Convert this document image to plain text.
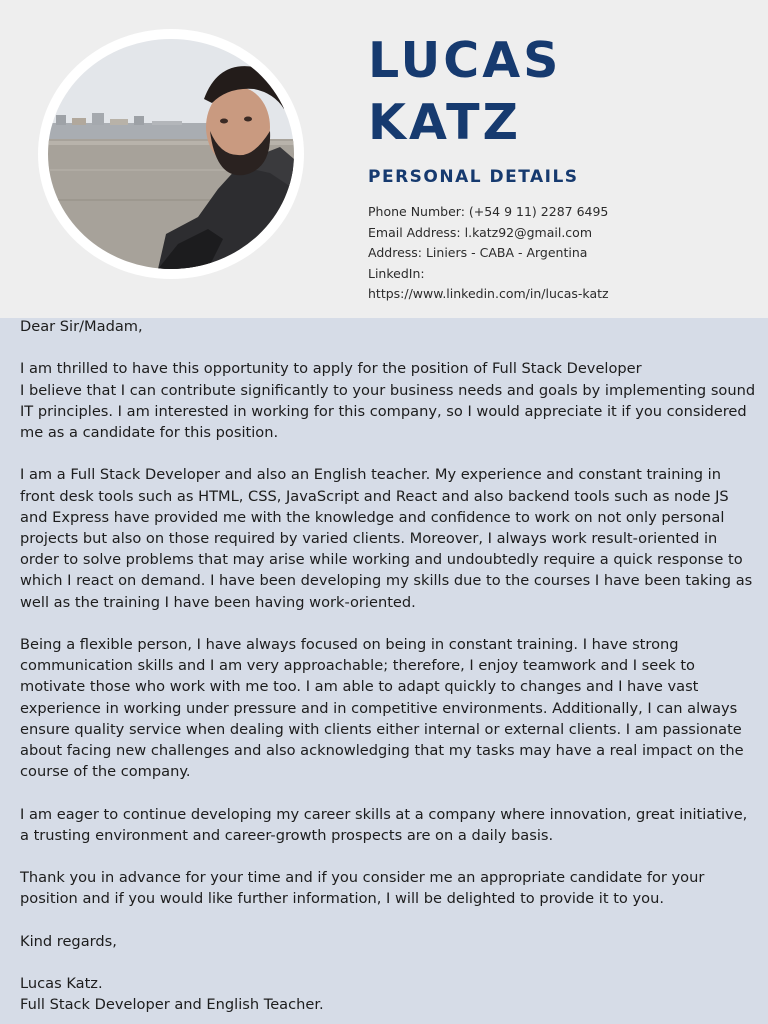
LUCAS
KATZ
PERSONAL DETAILS
Phone Number: (+54 9 11) 2287 6495
Email Address: l.katz92@gmail.com
Address: Liniers - CABA - Argentina
LinkedIn:
https://www.linkedin.com/in/lucas-katz

Dear Sir/Madam,

I am thrilled to have this opportunity to apply for the position of Full Stack Developer
I believe that I can contribute significantly to your business needs and goals by implementing sound IT principles. I am interested in working for this company, so I would appreciate it if you considered me as a candidate for this position.

I am a Full Stack Developer and also an English teacher. My experience and constant training in front desk tools such as HTML, CSS, JavaScript and React and also backend tools such as node JS and Express have provided me with the knowledge and confidence to work on not only personal projects but also on those required by varied clients. Moreover, I always work result-oriented in order to solve problems that may arise while working and undoubtedly require a quick response to which I react on demand. I have been developing my skills due to the courses I have been taking as well as the training I have been having work-oriented.

Being a flexible person, I have always focused on being in constant training. I have strong communication skills and I am very approachable; therefore, I enjoy teamwork and I seek to motivate those who work with me too. I am able to adapt quickly to changes and I have vast experience in working under pressure and in competitive environments. Additionally, I can always ensure quality service when dealing with clients either internal or external clients. I am passionate about facing new challenges and also acknowledging that my tasks may have a real impact on the course of the company.

I am eager to continue developing my career skills at a company where innovation, great initiative, a trusting environment and career-growth prospects are on a daily basis.

Thank you in advance for your time and if you consider me an appropriate candidate for your position and if you would like further information, I will be delighted to provide it to you.

Kind regards,

Lucas Katz.
Full Stack Developer and English Teacher.
